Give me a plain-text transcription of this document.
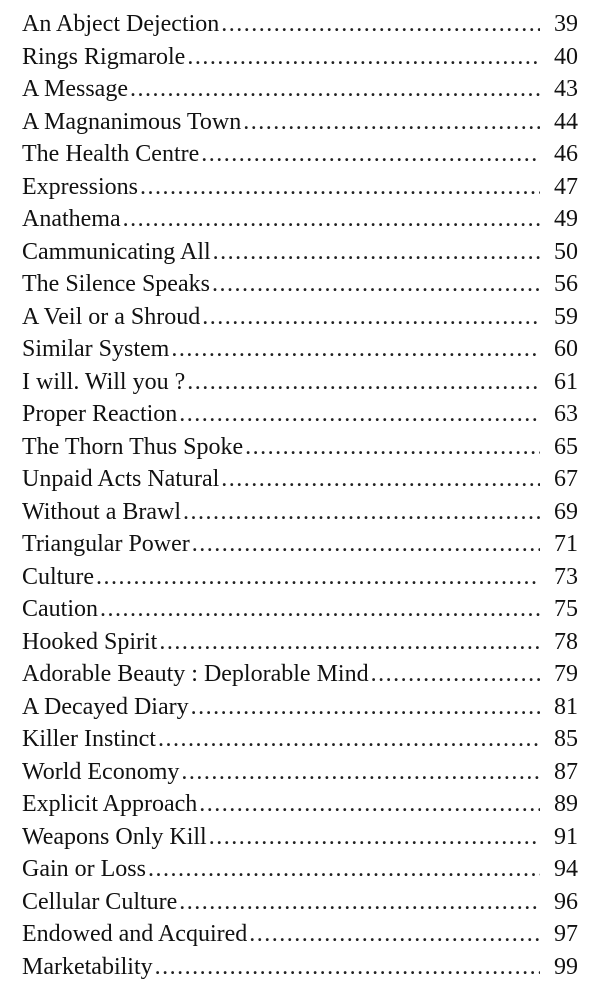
An Abject Dejection .....	39
Rings Rigmarole .....	40
A Message .....	43
A Magnanimous Town .....	44
The Health Centre .....	46
Expressions .....	47
Anathema .....	49
Cammunicating All .....	50
The Silence Speaks .....	56
A Veil or a Shroud .....	59
Similar System .....	60
I will. Will you ? .....	61
Proper Reaction .....	63
The Thorn Thus Spoke .....	65
Unpaid Acts Natural .....	67
Without a Brawl .....	69
Triangular Power .....	71
Culture .....	73
Caution .....	75
Hooked Spirit .....	78
Adorable Beauty : Deplorable Mind .....	79
A Decayed Diary .....	81
Killer Instinct .....	85
World Economy .....	87
Explicit Approach .....	89
Weapons Only Kill .....	91
Gain or Loss .....	94
Cellular Culture .....	96
Endowed and Acquired .....	97
Marketability .....	99
